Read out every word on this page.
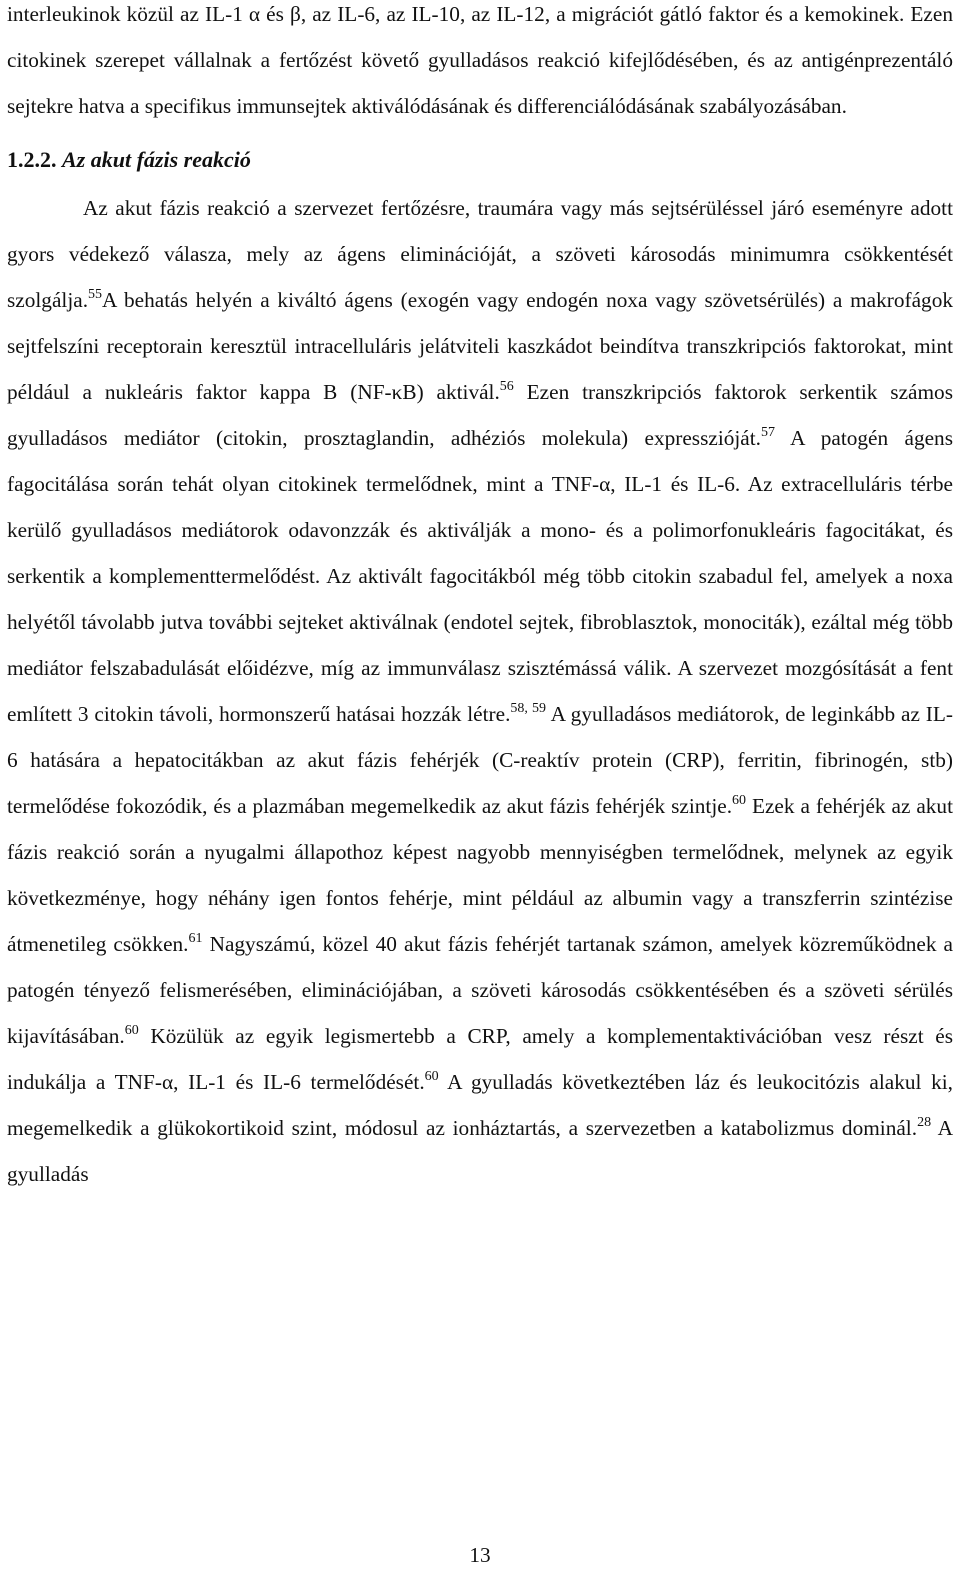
interleukinok közül az IL-1 α és β, az IL-6, az IL-10, az IL-12, a migrációt gátló faktor és a kemokinek. Ezen citokinek szerepet vállalnak a fertőzést követő gyulladásos reakció kifejlődésében, és az antigénprezentáló sejtekre hatva a specifikus immunsejtek aktiválódásának és differenciálódásának szabályozásában.

1.2.2. Az akut fázis reakció

Az akut fázis reakció a szervezet fertőzésre, traumára vagy más sejtsérüléssel járó eseményre adott gyors védekező válasza, mely az ágens eliminációját, a szöveti károsodás minimumra csökkentését szolgálja.$^{55}$A behatás helyén a kiváltó ágens (exogén vagy endogén noxa vagy szövetsérülés) a makrofágok sejtfelszíni receptorain keresztül intracelluláris jelátviteli kaszkádot beindítva transzkripciós faktorokat, mint például a nukleáris faktor kappa B (NF-κB) aktivál.$^{56}$ Ezen transzkripciós faktorok serkentik számos gyulladásos mediátor (citokin, prosztaglandin, adhéziós molekula) expresszióját.$^{57}$ A patogén ágens fagocitálása során tehát olyan citokinek termelődnek, mint a TNF-α, IL-1 és IL-6. Az extracelluláris térbe kerülő gyulladásos mediátorok odavonzzák és aktiválják a mono- és a polimorfonukleáris fagocitákat, és serkentik a komplementtermelődést. Az aktivált fagocitákból még több citokin szabadul fel, amelyek a noxa helyétől távolabb jutva további sejteket aktiválnak (endotel sejtek, fibroblasztok, monociták), ezáltal még több mediátor felszabadulását előidézve, míg az immunválasz szisztémássá válik. A szervezet mozgósítását a fent említett 3 citokin távoli, hormonszerű hatásai hozzák létre.$^{58, 59}$ A gyulladásos mediátorok, de leginkább az IL-6 hatására a hepatocitákban az akut fázis fehérjék (C-reaktív protein (CRP), ferritin, fibrinogén, stb) termelődése fokozódik, és a plazmában megemelkedik az akut fázis fehérjék szintje.$^{60}$ Ezek a fehérjék az akut fázis reakció során a nyugalmi állapothoz képest nagyobb mennyiségben termelődnek, melynek az egyik következménye, hogy néhány igen fontos fehérje, mint például az albumin vagy a transzferrin szintézise átmenetileg csökken.$^{61}$ Nagyszámú, közel 40 akut fázis fehérjét tartanak számon, amelyek közreműködnek a patogén tényező felismerésében, eliminációjában, a szöveti károsodás csökkentésében és a szöveti sérülés kijavításában.$^{60}$ Közülük az egyik legismertebb a CRP, amely a komplementaktivációban vesz részt és indukálja a TNF-α, IL-1 és IL-6 termelődését.$^{60}$ A gyulladás következtében láz és leukocitózis alakul ki, megemelkedik a glükokortikoid szint, módosul az ionháztartás, a szervezetben a katabolizmus dominál.$^{28}$ A gyulladás

13
